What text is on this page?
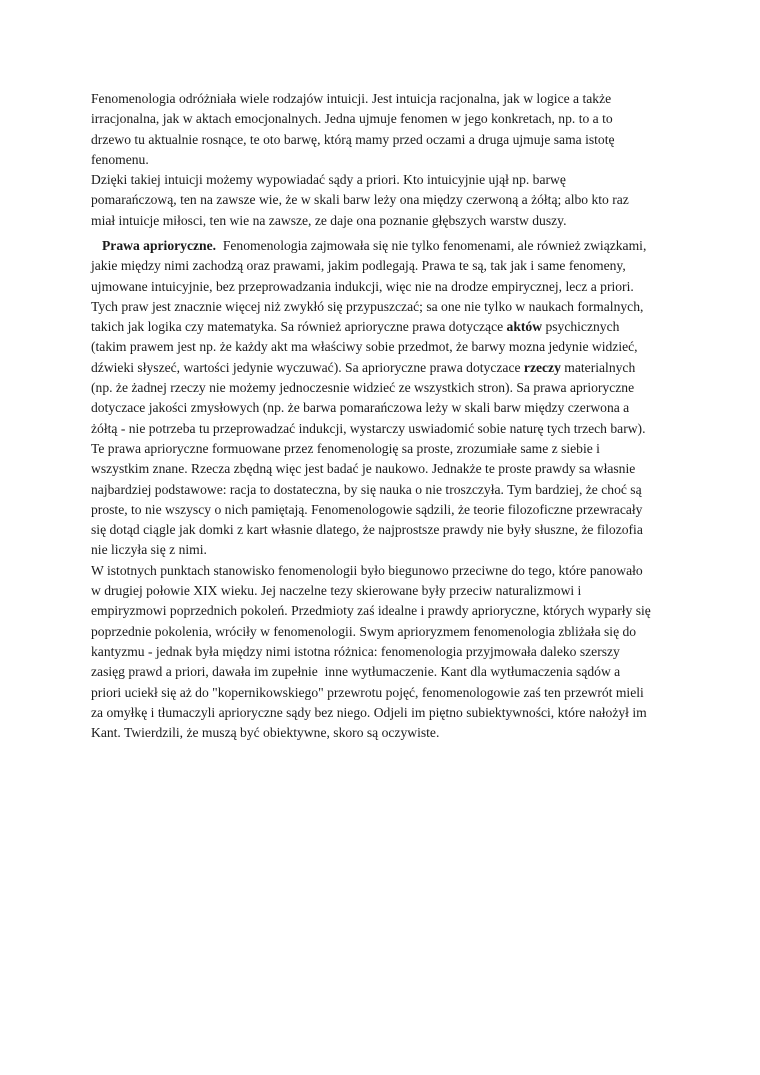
Fenomenologia odróżniała wiele rodzajów intuicji. Jest intuicja racjonalna, jak w logice a także
irracjonalna, jak w aktach emocjonalnych. Jedna ujmuje fenomen w jego konkretach, np. to a to
drzewo tu aktualnie rosnące, te oto barwę, którą mamy przed oczami a druga ujmuje sama istotę
fenomenu.
Dzięki takiej intuicji możemy wypowiadać sądy a priori. Kto intuicyjnie ujął np. barwę
pomarańczową, ten na zawsze wie, że w skali barw leży ona między czerwoną a żółtą; albo kto raz
miał intuicje miłosci, ten wie na zawsze, ze daje ona poznanie głębszych warstw duszy.
Prawa aprioryczne.  Fenomenologia zajmowała się nie tylko fenomenami, ale również związkami,
jakie między nimi zachodzą oraz prawami, jakim podlegają. Prawa te są, tak jak i same fenomeny,
ujmowane intuicyjnie, bez przeprowadzania indukcji, więc nie na drodze empirycznej, lecz a priori.
Tych praw jest znacznie więcej niż zwykłó się przypuszczać; sa one nie tylko w naukach formalnych,
takich jak logika czy matematyka. Sa również aprioryczne prawa dotyczące aktów psychicznych
(takim prawem jest np. że każdy akt ma właściwy sobie przedmot, że barwy mozna jedynie widzieć,
dźwieki słyszeć, wartości jedynie wyczuwać). Sa aprioryczne prawa dotyczace rzeczy materialnych
(np. że żadnej rzeczy nie możemy jednoczesnie widzieć ze wszystkich stron). Sa prawa aprioryczne
dotyczace jakości zmysłowych (np. że barwa pomarańczowa leży w skali barw między czerwona a
żółtą - nie potrzeba tu przeprowadzać indukcji, wystarczy uswiadomić sobie naturę tych trzech barw).
Te prawa aprioryczne formuowane przez fenomenologię sa proste, zrozumiałe same z siebie i
wszystkim znane. Rzecza zbędną więc jest badać je naukowo. Jednakże te proste prawdy sa własnie
najbardziej podstawowe: racja to dostateczna, by się nauka o nie troszczyła. Tym bardziej, że choć są
proste, to nie wszyscy o nich pamiętają. Fenomenologowie sądzili, że teorie filozoficzne przewracały
się dotąd ciągle jak domki z kart własnie dlatego, że najprostsze prawdy nie były słuszne, że filozofia
nie liczyła się z nimi.
W istotnych punktach stanowisko fenomenologii było biegunowo przeciwne do tego, które panowało
w drugiej połowie XIX wieku. Jej naczelne tezy skierowane były przeciw naturalizmowi i
empiryzmowi poprzednich pokoleń. Przedmioty zaś idealne i prawdy aprioryczne, których wyparły się
poprzednie pokolenia, wróciły w fenomenologii. Swym aprioryzmem fenomenologia zbliżała się do
kantyzmu - jednak była między nimi istotna różnica: fenomenologia przyjmowała daleko szerszy
zasięg prawd a priori, dawała im zupełnie  inne wytłumaczenie. Kant dla wytłumaczenia sądów a
priori uciekł się aż do "kopernikowskiego" przewrotu pojęć, fenomenologowie zaś ten przewrót mieli
za omyłkę i tłumaczyli aprioryczne sądy bez niego. Odjeli im piętno subiektywności, które nałożył im
Kant. Twierdzili, że muszą być obiektywne, skoro są oczywiste.
